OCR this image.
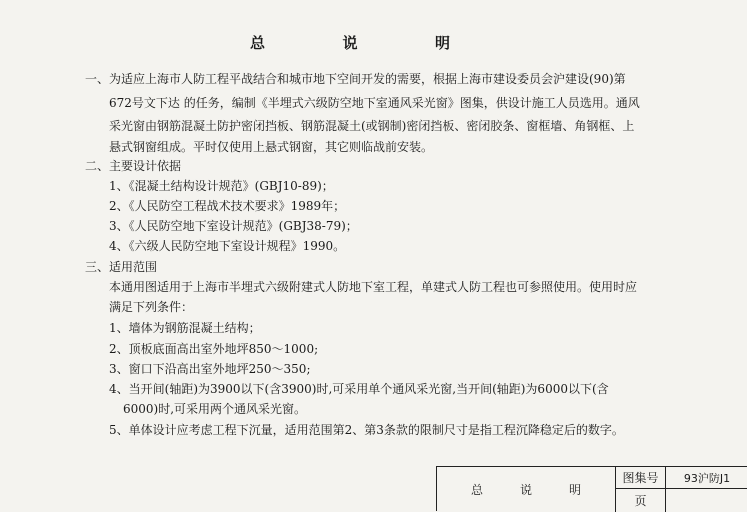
总	说	明
一、为适应上海市人防工程平战结合和城市地下空间开发的需要，根据上海市建设委员会沪建设(90)第
672号文下达 的任务，编制《半埋式六级防空地下室通风采光窗》图集，供设计施工人员选用。通风
采光窗由钢筋混凝土防护密闭挡板、钢筋混凝土(或钢制)密闭挡板、密闭胶条、窗框墙、角钢框、上
悬式钢窗组成。平时仅使用上悬式钢窗，其它则临战前安装。
二、主要设计依据
1、《混凝土结构设计规范》(GBJ10-89)；
2、《人民防空工程战术技术要求》1989年；
3、《人民防空地下室设计规范》(GBJ38-79)；
4、《六级人民防空地下室设计规程》1990。
三、适用范围
本通用图适用于上海市半埋式六级附建式人防地下室工程，单建式人防工程也可参照使用。使用时应
满足下列条件：
1、墙体为钢筋混凝土结构；
2、顶板底面高出室外地坪850～1000;
3、窗口下沿高出室外地坪250～350;
4、当开间(轴距)为3900以下(含3900)时,可采用单个通风采光窗,当开间(轴距)为6000以下(含
6000)时,可采用两个通风采光窗。
5、单体设计应考虑工程下沉量，适用范围第2、第3条款的限制尺寸是指工程沉降稳定后的数字。
总	说	明
图集号	93沪防J1
页
